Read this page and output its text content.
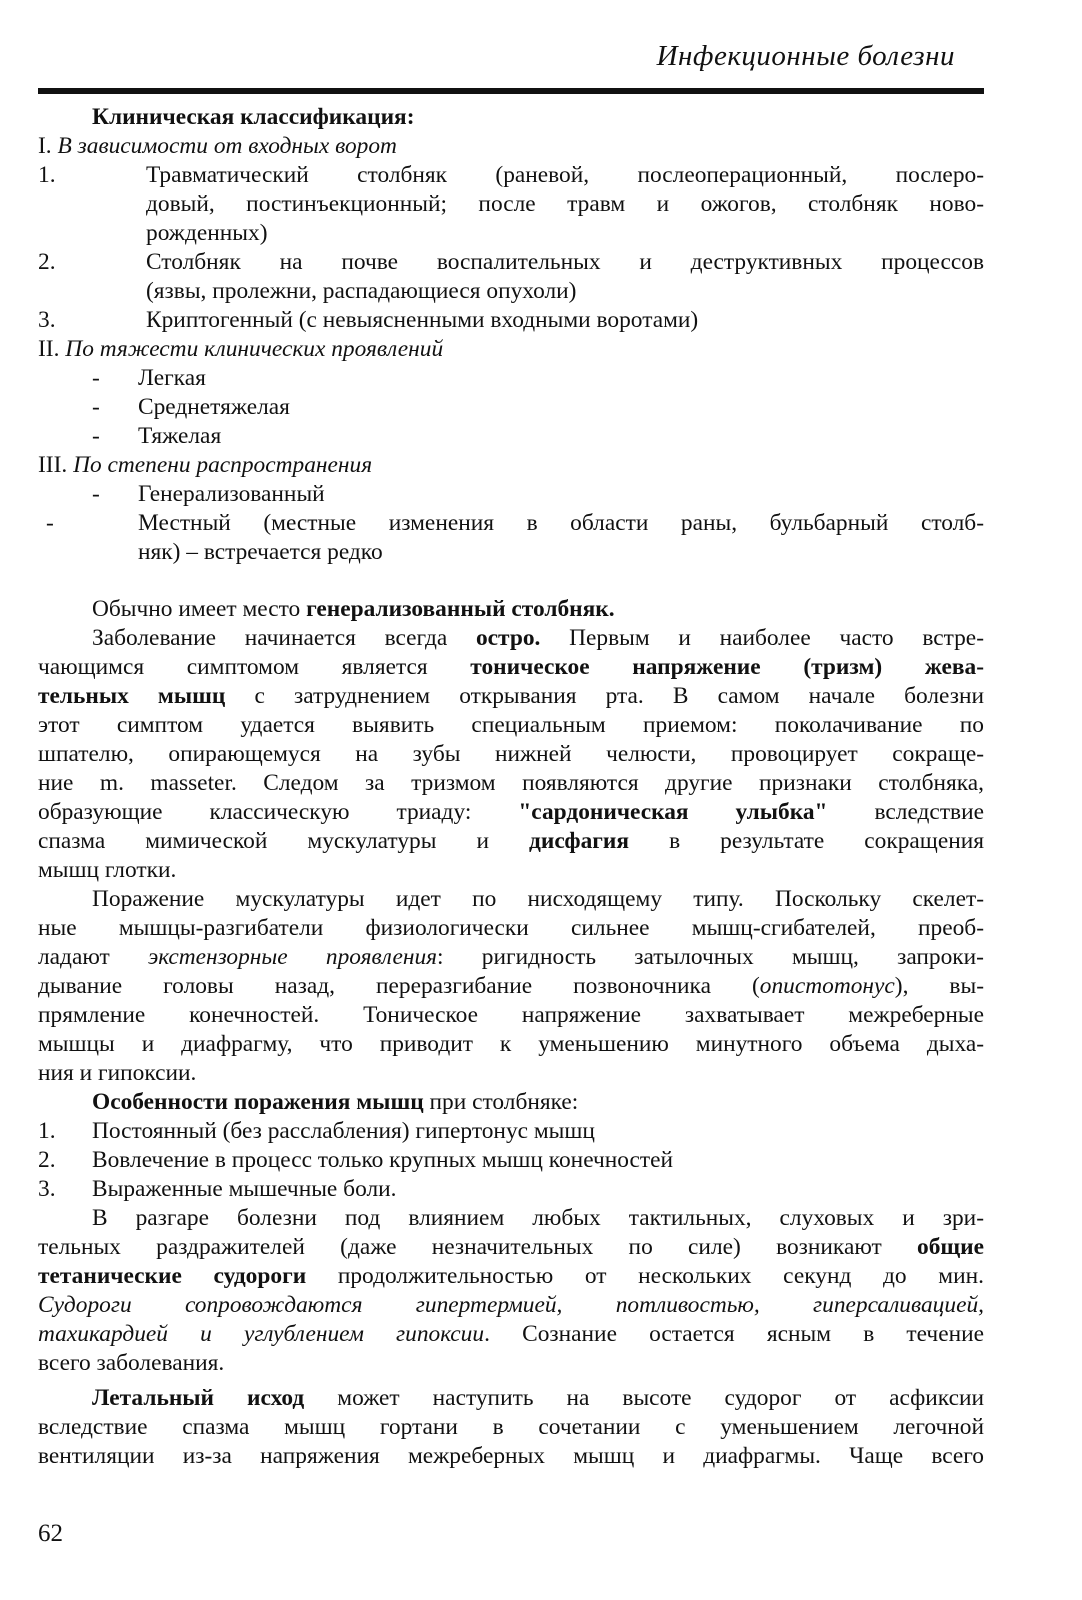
Инфекционные болезни
Клиническая классификация:
I. В зависимости от входных ворот
1.	Травматический столбняк (раневой, послеоперационный, послеро-
довый, постинъекционный; после травм и ожогов, столбняк ново-
рожденных)
2.	Столбняк на почве воспалительных и деструктивных процессов
(язвы, пролежни, распадающиеся опухоли)
3.	Криптогенный (с невыясненными входными воротами)
II. По тяжести клинических проявлений
- Легкая
- Среднетяжелая
- Тяжелая
III. По степени распространения
- Генерализованный
-	Местный (местные изменения в области раны, бульбарный столб-
няк) – встречается редко
Обычно имеет место генерализованный столбняк.
Заболевание начинается всегда остро. Первым и наиболее часто встре-
чающимся симптомом является тоническое напряжение (тризм) жева-
тельных мышц с затруднением открывания рта. В самом начале болезни
этот симптом удается выявить специальным приемом: поколачивание по
шпателю, опирающемуся на зубы нижней челюсти, провоцирует сокраще-
ние m. masseter. Следом за тризмом появляются другие признаки столбняка,
образующие классическую триаду: "сардоническая улыбка" вследствие
спазма мимической мускулатуры и дисфагия в результате сокращения
мышц глотки.
Поражение мускулатуры идет по нисходящему типу. Поскольку скелет-
ные мышцы-разгибатели физиологически сильнее мышц-сгибателей, преоб-
ладают экстензорные проявления: ригидность затылочных мышц, запроки-
дывание головы назад, переразгибание позвоночника (опистотонус), вы-
прямление конечностей. Тоническое напряжение захватывает межреберные
мышцы и диафрагму, что приводит к уменьшению минутного объема дыха-
ния и гипоксии.
Особенности поражения мышц при столбняке:
1. Постоянный (без расслабления) гипертонус мышц
2. Вовлечение в процесс только крупных мышц конечностей
3. Выраженные мышечные боли.
В разгаре болезни под влиянием любых тактильных, слуховых и зри-
тельных раздражителей (даже незначительных по силе) возникают общие
тетанические судороги продолжительностью от нескольких секунд до мин.
Судороги сопровождаются гипертермией, потливостью, гиперсаливацией,
тахикардией и углублением гипоксии. Сознание остается ясным в течение
всего заболевания.
Летальный исход может наступить на высоте судорог от асфиксии
вследствие спазма мышц гортани в сочетании с уменьшением легочной
вентиляции из-за напряжения межреберных мышц и диафрагмы. Чаще всего
62
